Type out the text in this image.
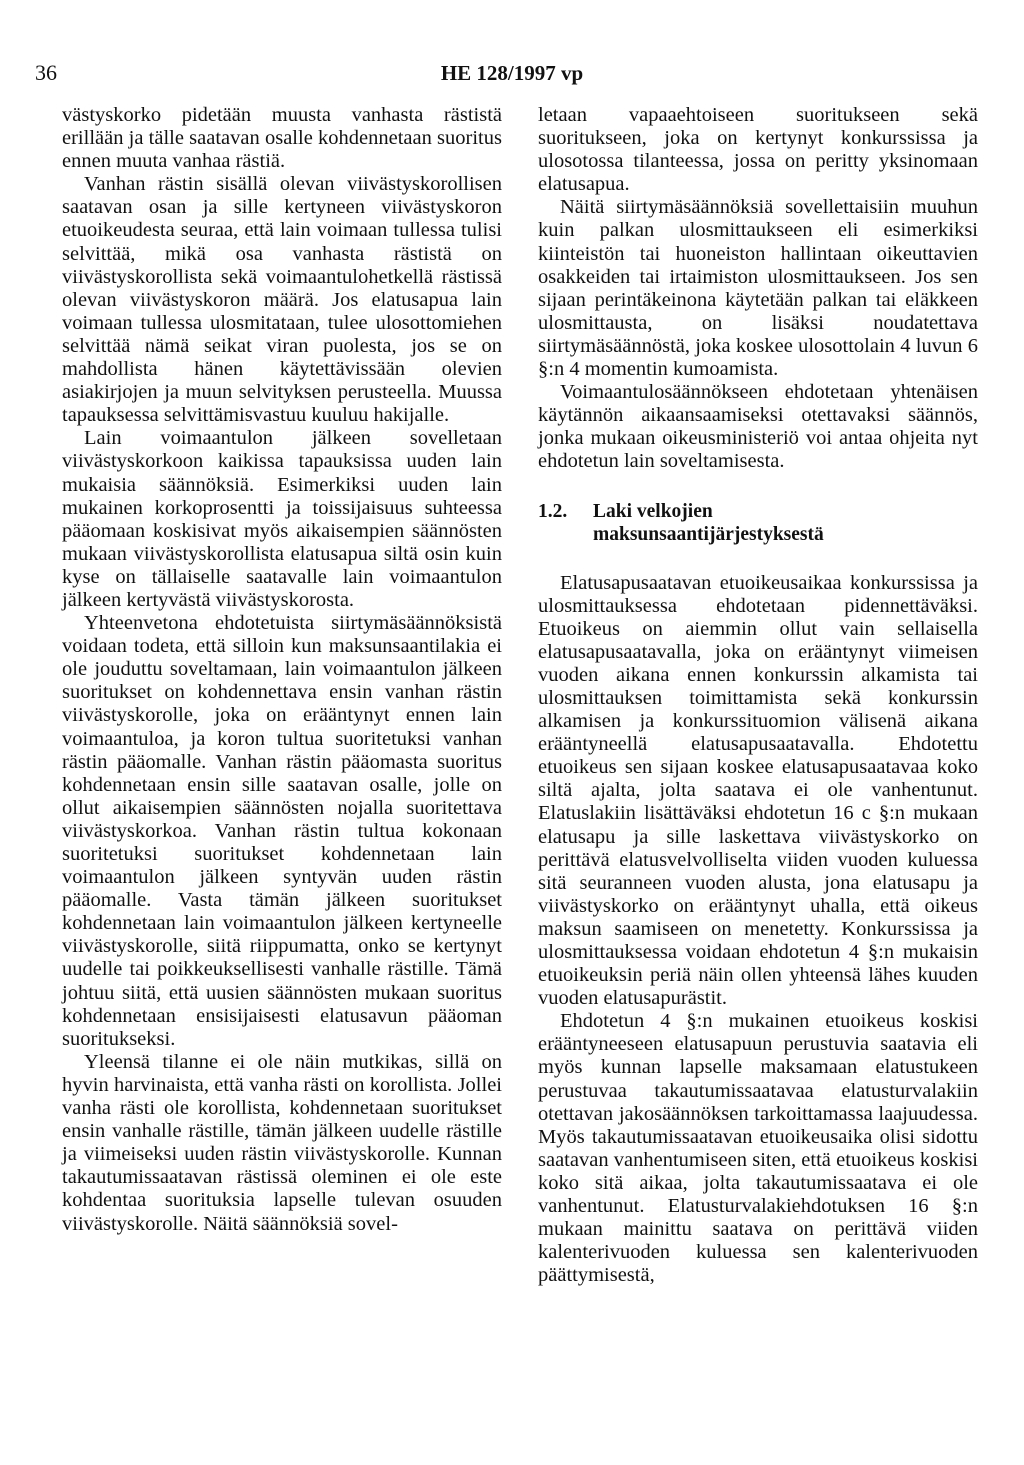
36	HE 128/1997 vp

västyskorko pidetään muusta vanhasta rästistä erillään ja tälle saatavan osalle kohdennetaan suoritus ennen muuta vanhaa rästiä.

Vanhan rästin sisällä olevan viivästyskorollisen saatavan osan ja sille kertyneen viivästyskoron etuoikeudesta seuraa, että lain voimaan tullessa tulisi selvittää, mikä osa vanhasta rästistä on viivästyskorollista sekä voimaantulohetkellä rästissä olevan viivästyskoron määrä. Jos elatusapua lain voimaan tullessa ulosmitataan, tulee ulosottomiehen selvittää nämä seikat viran puolesta, jos se on mahdollista hänen käytettävissään olevien asiakirjojen ja muun selvityksen perusteella. Muussa tapauksessa selvittämisvastuu kuuluu hakijalle.

Lain voimaantulon jälkeen sovelletaan viivästyskorkoon kaikissa tapauksissa uuden lain mukaisia säännöksiä. Esimerkiksi uuden lain mukainen korkoprosentti ja toissijaisuus suhteessa pääomaan koskisivat myös aikaisempien säännösten mukaan viivästyskorollista elatusapua siltä osin kuin kyse on tällaiselle saatavalle lain voimaantulon jälkeen kertyvästä viivästyskorosta.

Yhteenvetona ehdotetuista siirtymäsäännöksistä voidaan todeta, että silloin kun maksunsaantilakia ei ole jouduttu soveltamaan, lain voimaantulon jälkeen suoritukset on kohdennettava ensin vanhan rästin viivästyskorolle, joka on erääntynyt ennen lain voimaantuloa, ja koron tultua suoritetuksi vanhan rästin pääomalle. Vanhan rästin pääomasta suoritus kohdennetaan ensin sille saatavan osalle, jolle on ollut aikaisempien säännösten nojalla suoritettava viivästyskorkoa. Vanhan rästin tultua kokonaan suoritetuksi suoritukset kohdennetaan lain voimaantulon jälkeen syntyvän uuden rästin pääomalle. Vasta tämän jälkeen suoritukset kohdennetaan lain voimaantulon jälkeen kertyneelle viivästyskorolle, siitä riippumatta, onko se kertynyt uudelle tai poikkeuksellisesti vanhalle rästille. Tämä johtuu siitä, että uusien säännösten mukaan suoritus kohdennetaan ensisijaisesti elatusavun pääoman suoritukseksi.

Yleensä tilanne ei ole näin mutkikas, sillä on hyvin harvinaista, että vanha rästi on korollista. Jollei vanha rästi ole korollista, kohdennetaan suoritukset ensin vanhalle rästille, tämän jälkeen uudelle rästille ja viimeiseksi uuden rästin viivästyskorolle. Kunnan takautumissaatavan rästissä oleminen ei ole este kohdentaa suorituksia lapselle tulevan osuuden viivästyskorolle. Näitä säännöksiä sovel-

letaan vapaaehtoiseen suoritukseen sekä suoritukseen, joka on kertynyt konkurssissa ja ulosotossa tilanteessa, jossa on peritty yksinomaan elatusapua.

Näitä siirtymäsäännöksiä sovellettaisiin muuhun kuin palkan ulosmittaukseen eli esimerkiksi kiinteistön tai huoneiston hallintaan oikeuttavien osakkeiden tai irtaimiston ulosmittaukseen. Jos sen sijaan perintäkeinona käytetään palkan tai eläkkeen ulosmittausta, on lisäksi noudatettava siirtymäsäännöstä, joka koskee ulosottolain 4 luvun 6 §:n 4 momentin kumoamista.

Voimaantulosäännökseen ehdotetaan yhtenäisen käytännön aikaansaamiseksi otettavaksi säännös, jonka mukaan oikeusministeriö voi antaa ohjeita nyt ehdotetun lain soveltamisesta.

1.2.	Laki velkojien maksunsaantijärjestyksestä

Elatusapusaatavan etuoikeusaikaa konkurssissa ja ulosmittauksessa ehdotetaan pidennettäväksi. Etuoikeus on aiemmin ollut vain sellaisella elatusapusaatavalla, joka on erääntynyt viimeisen vuoden aikana ennen konkurssin alkamista tai ulosmittauksen toimittamista sekä konkurssin alkamisen ja konkurssituomion välisenä aikana erääntyneellä elatusapusaatavalla. Ehdotettu etuoikeus sen sijaan koskee elatusapusaatavaa koko siltä ajalta, jolta saatava ei ole vanhentunut. Elatuslakiin lisättäväksi ehdotetun 16 c §:n mukaan elatusapu ja sille laskettava viivästyskorko on perittävä elatusvelvolliselta viiden vuoden kuluessa sitä seuranneen vuoden alusta, jona elatusapu ja viivästyskorko on erääntynyt uhalla, että oikeus maksun saamiseen on menetetty. Konkurssissa ja ulosmittauksessa voidaan ehdotetun 4 §:n mukaisin etuoikeuksin periä näin ollen yhteensä lähes kuuden vuoden elatusapurästit.

Ehdotetun 4 §:n mukainen etuoikeus koskisi erääntyneeseen elatusapuun perustuvia saatavia eli myös kunnan lapselle maksamaan elatustukeen perustuvaa takautumissaatavaa elatusturvalakiin otettavan jakosäännöksen tarkoittamassa laajuudessa. Myös takautumissaatavan etuoikeusaika olisi sidottu saatavan vanhentumiseen siten, että etuoikeus koskisi koko sitä aikaa, jolta takautumissaatava ei ole vanhentunut. Elatusturvalakiehdotuksen 16 §:n mukaan mainittu saatava on perittävä viiden kalenterivuoden kuluessa sen kalenterivuoden päättymisestä,
